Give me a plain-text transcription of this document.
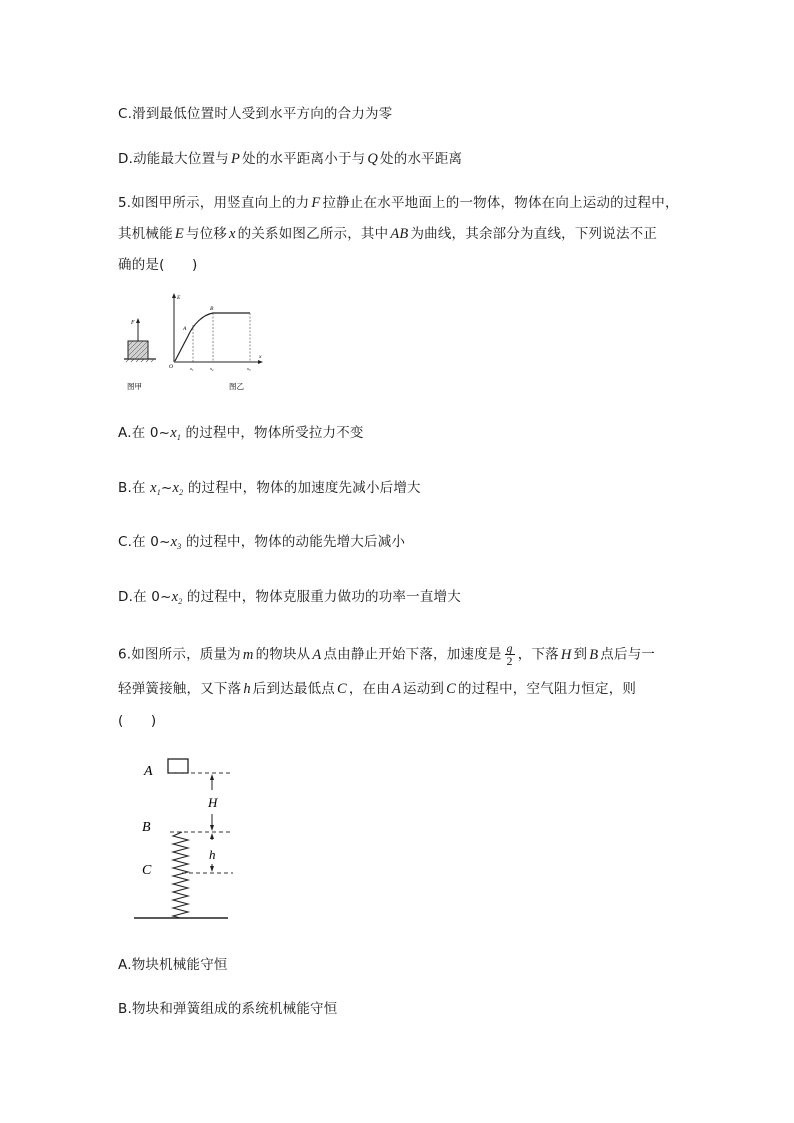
C.滑到最低位置时人受到水平方向的合力为零
D.动能最大位置与 P 处的水平距离小于与 Q 处的水平距离
5.如图甲所示，用竖直向上的力 F 拉静止在水平地面上的一物体，物体在向上运动的过程中，
其机械能 E 与位移 x 的关系如图乙所示，其中 AB 为曲线，其余部分为直线，下列说法不正
确的是(　　)
F
图甲
E
O
x
A
B
$x_1$	$x_2$	$x_3$
图乙
A.在 $0\sim x_1$ 的过程中，物体所受拉力不变
B.在 $x_1\sim x_2$ 的过程中，物体的加速度先减小后增大
C.在 $0\sim x_3$ 的过程中，物体的动能先增大后减小
D.在 $0\sim x_2$ 的过程中，物体克服重力做功的功率一直增大
6.如图所示，质量为 m 的物块从 A 点由静止开始下落，加速度是 $\frac{g}{2}$ ，下落 H 到 B 点后与一
轻弹簧接触，又下落 h 后到达最低点 C ，在由 A 运动到 C 的过程中，空气阻力恒定，则
(　　)
A
B
C
H
h
A.物块机械能守恒
B.物块和弹簧组成的系统机械能守恒
